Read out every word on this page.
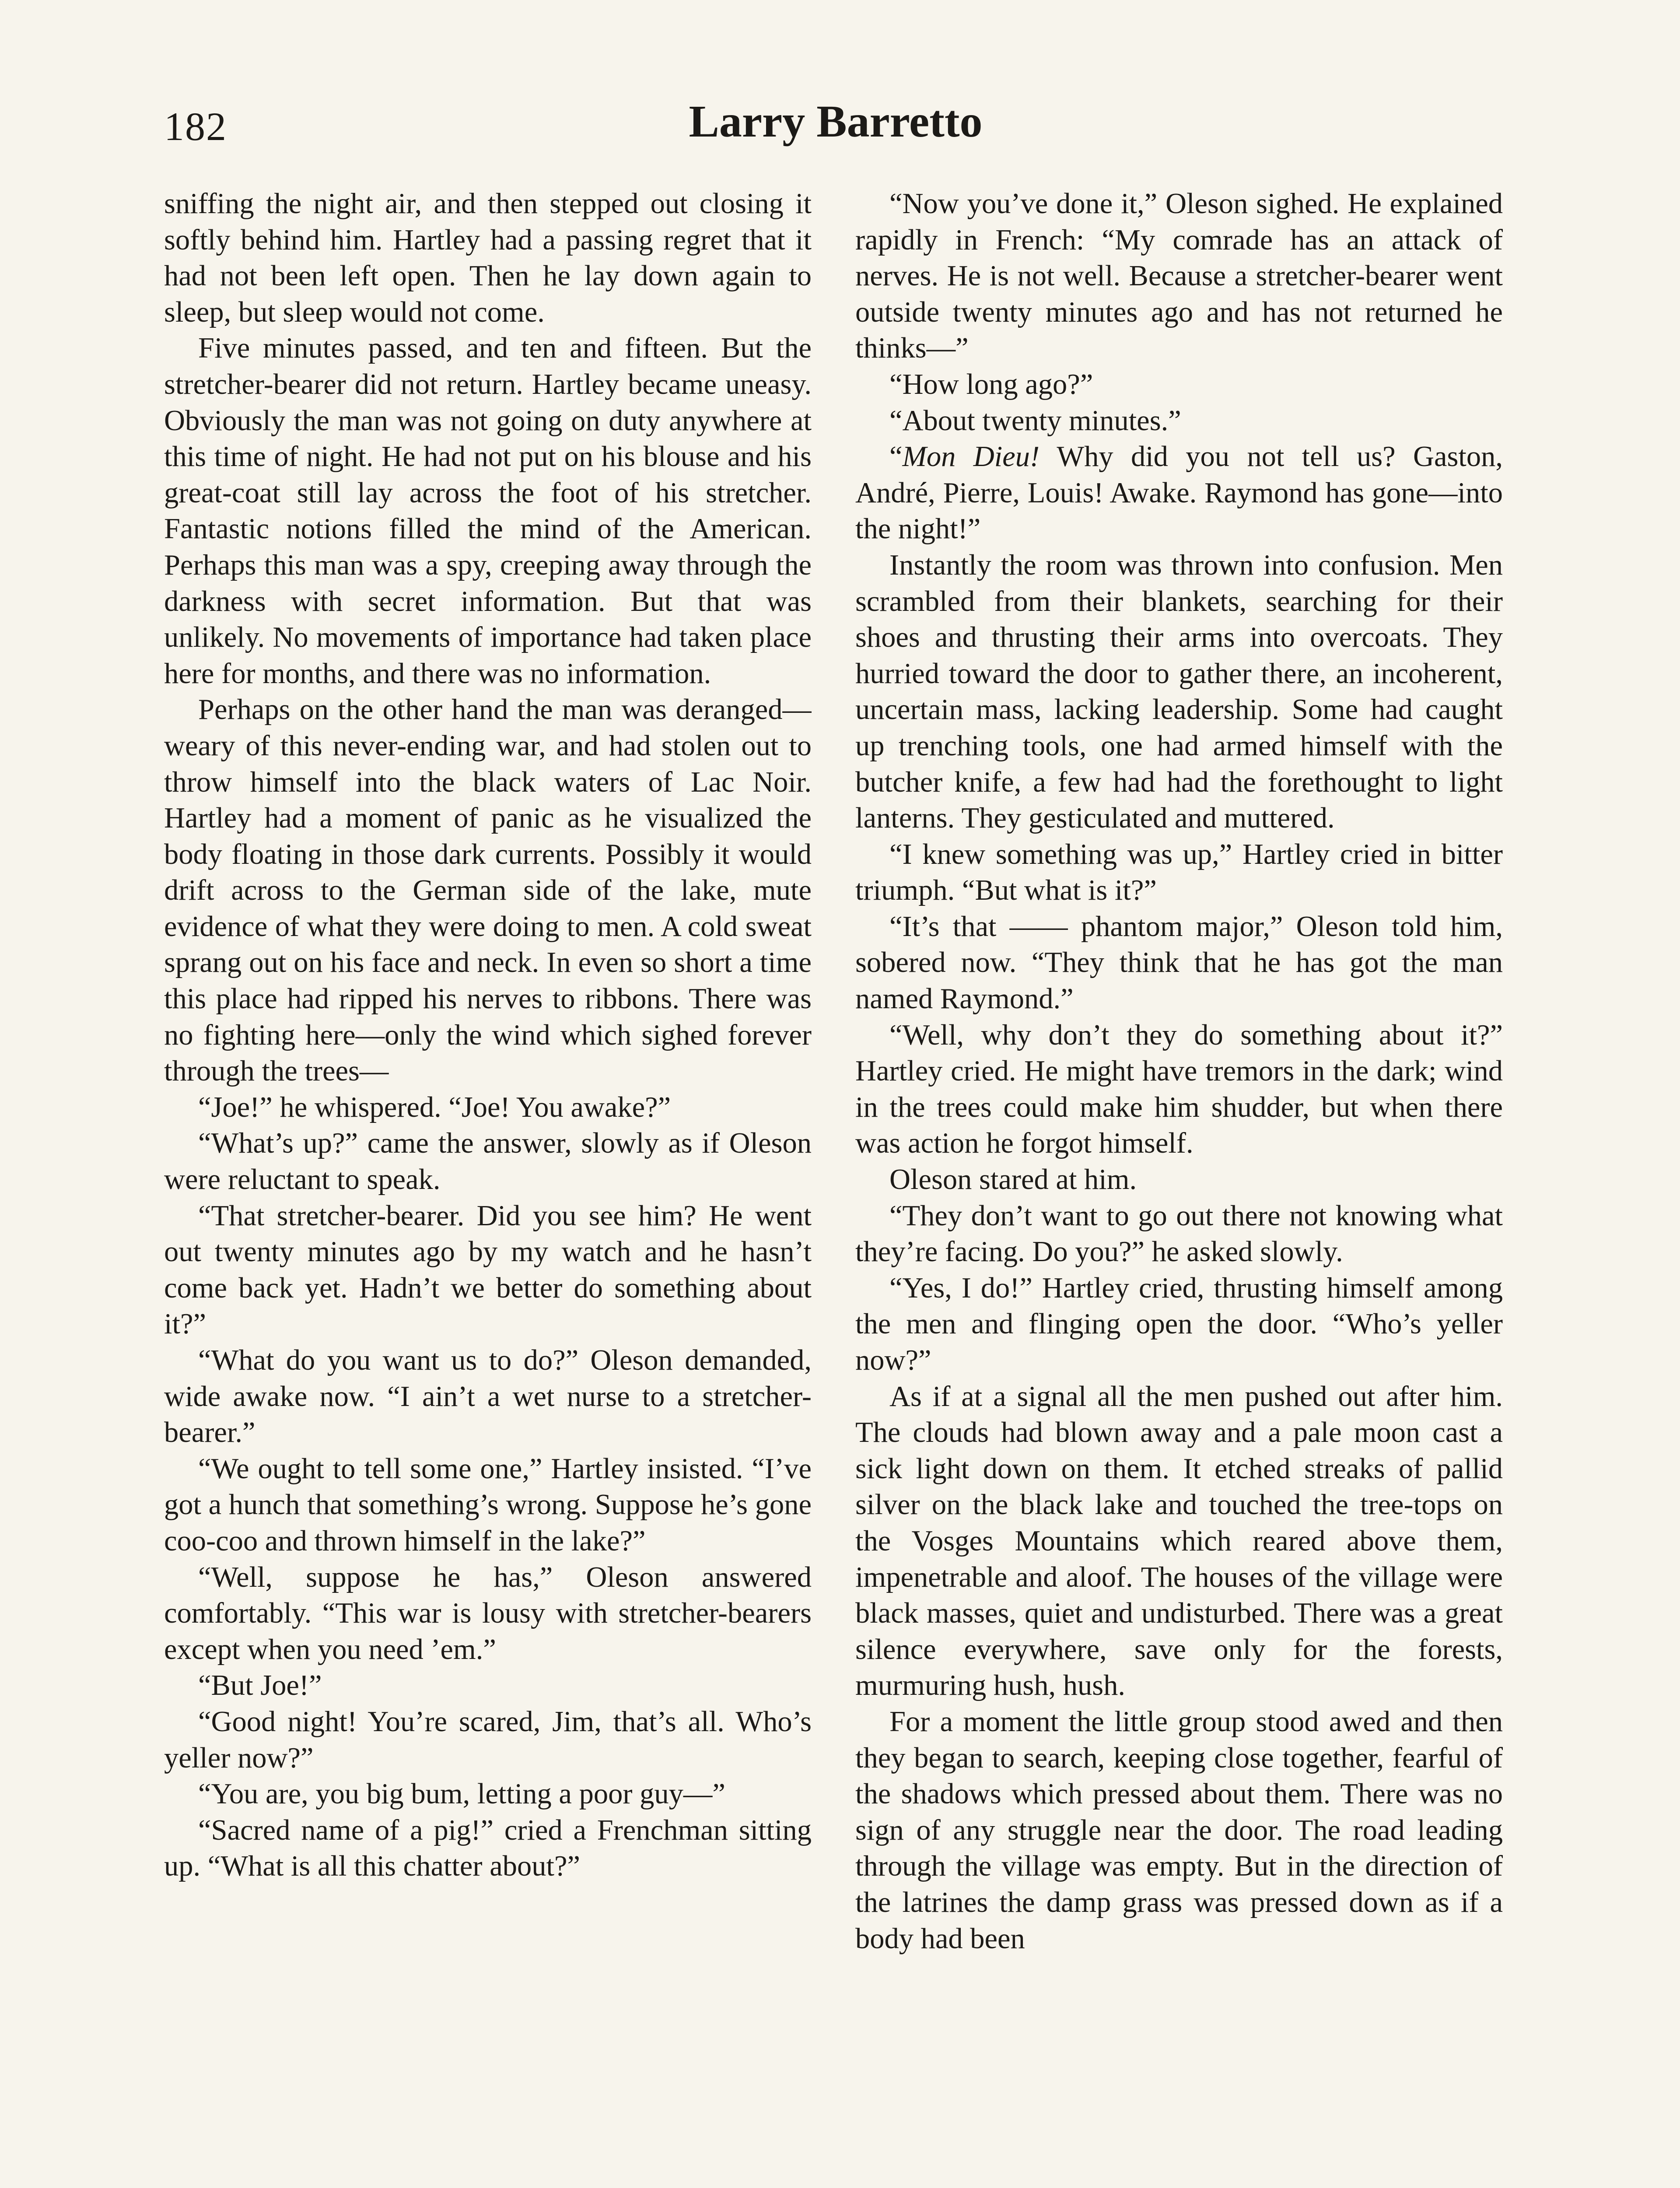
182	Larry Barretto

sniffing the night air, and then stepped out closing it softly behind him. Hartley had a passing regret that it had not been left open. Then he lay down again to sleep, but sleep would not come.

Five minutes passed, and ten and fifteen. But the stretcher-bearer did not return. Hartley became uneasy. Obviously the man was not going on duty anywhere at this time of night. He had not put on his blouse and his great-coat still lay across the foot of his stretcher. Fantastic notions filled the mind of the American. Perhaps this man was a spy, creeping away through the darkness with secret information. But that was unlikely. No movements of importance had taken place here for months, and there was no information.

Perhaps on the other hand the man was deranged—weary of this never-ending war, and had stolen out to throw himself into the black waters of Lac Noir. Hartley had a moment of panic as he visualized the body floating in those dark currents. Possibly it would drift across to the German side of the lake, mute evidence of what they were doing to men. A cold sweat sprang out on his face and neck. In even so short a time this place had ripped his nerves to ribbons. There was no fighting here—only the wind which sighed forever through the trees—

“Joe!” he whispered. “Joe! You awake?”

“What’s up?” came the answer, slowly as if Oleson were reluctant to speak.

“That stretcher-bearer. Did you see him? He went out twenty minutes ago by my watch and he hasn’t come back yet. Hadn’t we better do something about it?”

“What do you want us to do?” Oleson demanded, wide awake now. “I ain’t a wet nurse to a stretcher-bearer.”

“We ought to tell some one,” Hartley insisted. “I’ve got a hunch that something’s wrong. Suppose he’s gone coo-coo and thrown himself in the lake?”

“Well, suppose he has,” Oleson answered comfortably. “This war is lousy with stretcher-bearers except when you need ’em.”

“But Joe!”

“Good night! You’re scared, Jim, that’s all. Who’s yeller now?”

“You are, you big bum, letting a poor guy—”

“Sacred name of a pig!” cried a Frenchman sitting up. “What is all this chatter about?”

“Now you’ve done it,” Oleson sighed. He explained rapidly in French: “My comrade has an attack of nerves. He is not well. Because a stretcher-bearer went outside twenty minutes ago and has not returned he thinks—”

“How long ago?”

“About twenty minutes.”

“Mon Dieu! Why did you not tell us? Gaston, André, Pierre, Louis! Awake. Raymond has gone—into the night!”

Instantly the room was thrown into confusion. Men scrambled from their blankets, searching for their shoes and thrusting their arms into overcoats. They hurried toward the door to gather there, an incoherent, uncertain mass, lacking leadership. Some had caught up trenching tools, one had armed himself with the butcher knife, a few had had the forethought to light lanterns. They gesticulated and muttered.

“I knew something was up,” Hartley cried in bitter triumph. “But what is it?”

“It’s that —— phantom major,” Oleson told him, sobered now. “They think that he has got the man named Raymond.”

“Well, why don’t they do something about it?” Hartley cried. He might have tremors in the dark; wind in the trees could make him shudder, but when there was action he forgot himself.

Oleson stared at him.

“They don’t want to go out there not knowing what they’re facing. Do you?” he asked slowly.

“Yes, I do!” Hartley cried, thrusting himself among the men and flinging open the door. “Who’s yeller now?”

As if at a signal all the men pushed out after him. The clouds had blown away and a pale moon cast a sick light down on them. It etched streaks of pallid silver on the black lake and touched the tree-tops on the Vosges Mountains which reared above them, impenetrable and aloof. The houses of the village were black masses, quiet and undisturbed. There was a great silence everywhere, save only for the forests, murmuring hush, hush.

For a moment the little group stood awed and then they began to search, keeping close together, fearful of the shadows which pressed about them. There was no sign of any struggle near the door. The road leading through the village was empty. But in the direction of the latrines the damp grass was pressed down as if a body had been
